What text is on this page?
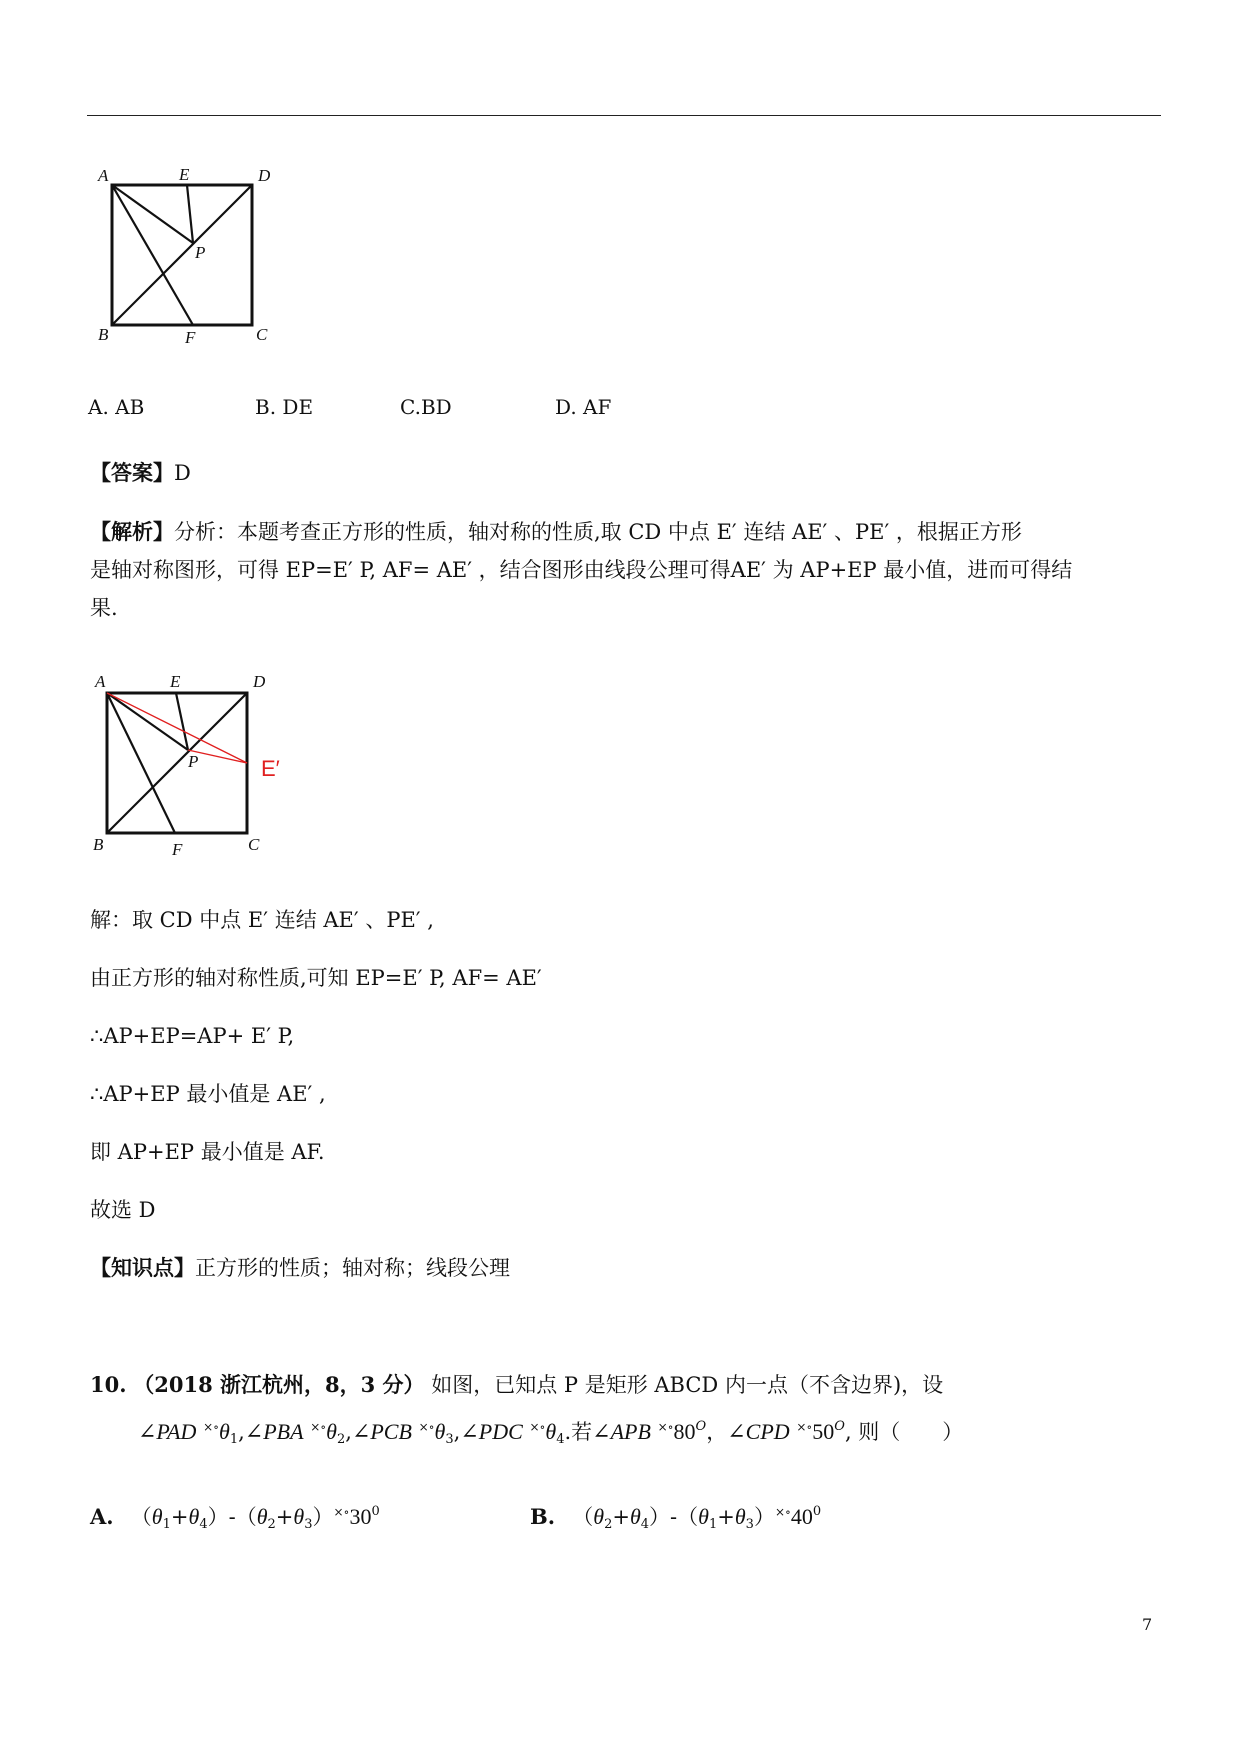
A	E	D
P
B	F	C
A. AB	B. DE	C.BD	D. AF
【答案】D
【解析】分析：本题考查正方形的性质，轴对称的性质,取 CD 中点 E′ 连结 AE′ 、PE′ ，根据正方形
是轴对称图形，可得 EP=E′ P, AF= AE′ ，结合图形由线段公理可得AE′ 为 AP+EP 最小值，进而可得结
果.
A	E	D
P
B	F	C
E′
解：取 CD 中点 E′ 连结 AE′ 、PE′ ,
由正方形的轴对称性质,可知 EP=E′ P, AF= AE′
∴AP+EP=AP+ E′ P,
∴AP+EP 最小值是 AE′ ,
即 AP+EP 最小值是 AF.
故选 D
【知识点】正方形的性质；轴对称；线段公理
10. （2018 浙江杭州，8，3 分） 如图，已知点 P 是矩形 ABCD 内一点（不含边界)，设
∠PAD $^{\times\circ}\theta_1,\angle PBA$ $^{\times\circ}\theta_2,\angle PCB$ $^{\times\circ}\theta_3,\angle PDC$ $^{\times\circ}\theta_4$.若∠APB $^{\times\circ}80^O$，∠CPD $^{\times\circ}50^O$, 则（　　）
A. 　$(\theta_1+\theta_4)-(\theta_2+\theta_3)^{\times\circ}30^0$	B. 　$(\theta_2+\theta_4)-(\theta_1+\theta_3)^{\times\circ}40^0$
7
